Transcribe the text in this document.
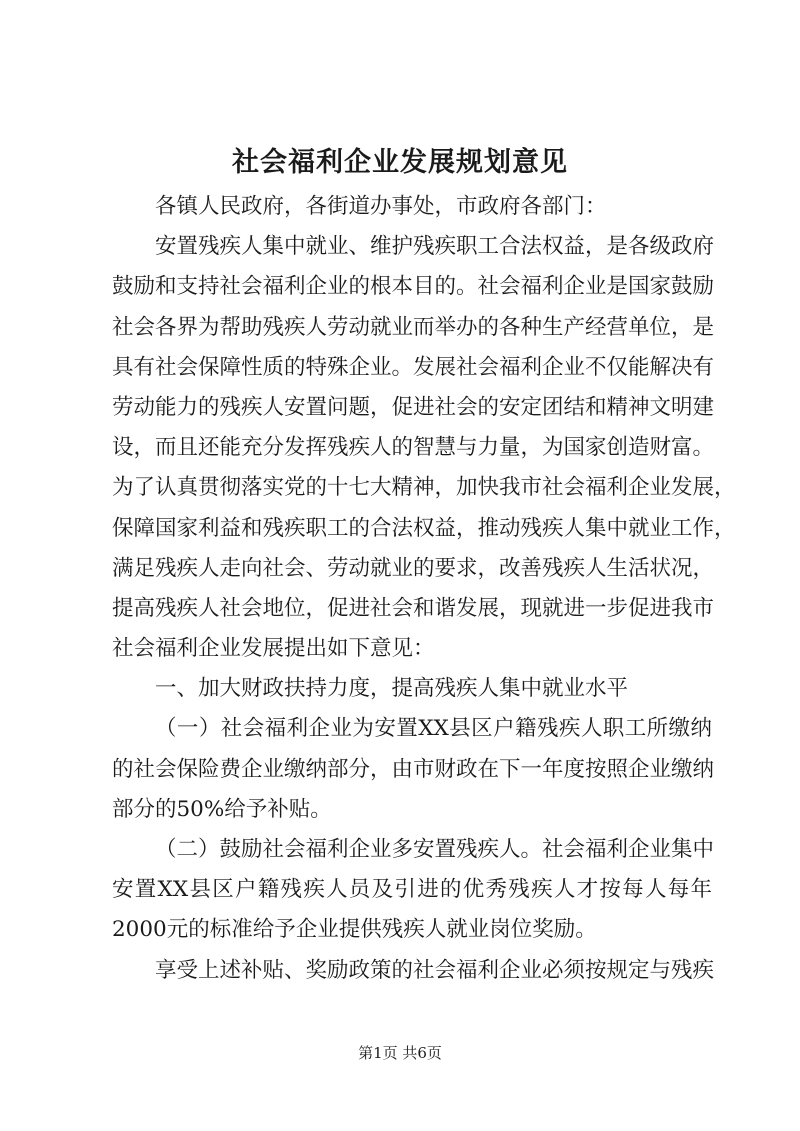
社会福利企业发展规划意见
各镇人民政府，各街道办事处，市政府各部门：
安置残疾人集中就业、维护残疾职工合法权益，是各级政府
鼓励和支持社会福利企业的根本目的。社会福利企业是国家鼓励
社会各界为帮助残疾人劳动就业而举办的各种生产经营单位，是
具有社会保障性质的特殊企业。发展社会福利企业不仅能解决有
劳动能力的残疾人安置问题，促进社会的安定团结和精神文明建
设，而且还能充分发挥残疾人的智慧与力量，为国家创造财富。
为了认真贯彻落实党的十七大精神，加快我市社会福利企业发展，
保障国家利益和残疾职工的合法权益，推动残疾人集中就业工作，
满足残疾人走向社会、劳动就业的要求，改善残疾人生活状况，
提高残疾人社会地位，促进社会和谐发展，现就进一步促进我市
社会福利企业发展提出如下意见：
一、加大财政扶持力度，提高残疾人集中就业水平
（一）社会福利企业为安置XX县区户籍残疾人职工所缴纳
的社会保险费企业缴纳部分，由市财政在下一年度按照企业缴纳
部分的50%给予补贴。
（二）鼓励社会福利企业多安置残疾人。社会福利企业集中
安置XX县区户籍残疾人员及引进的优秀残疾人才按每人每年
2000元的标准给予企业提供残疾人就业岗位奖励。
享受上述补贴、奖励政策的社会福利企业必须按规定与残疾
第1页 共6页
